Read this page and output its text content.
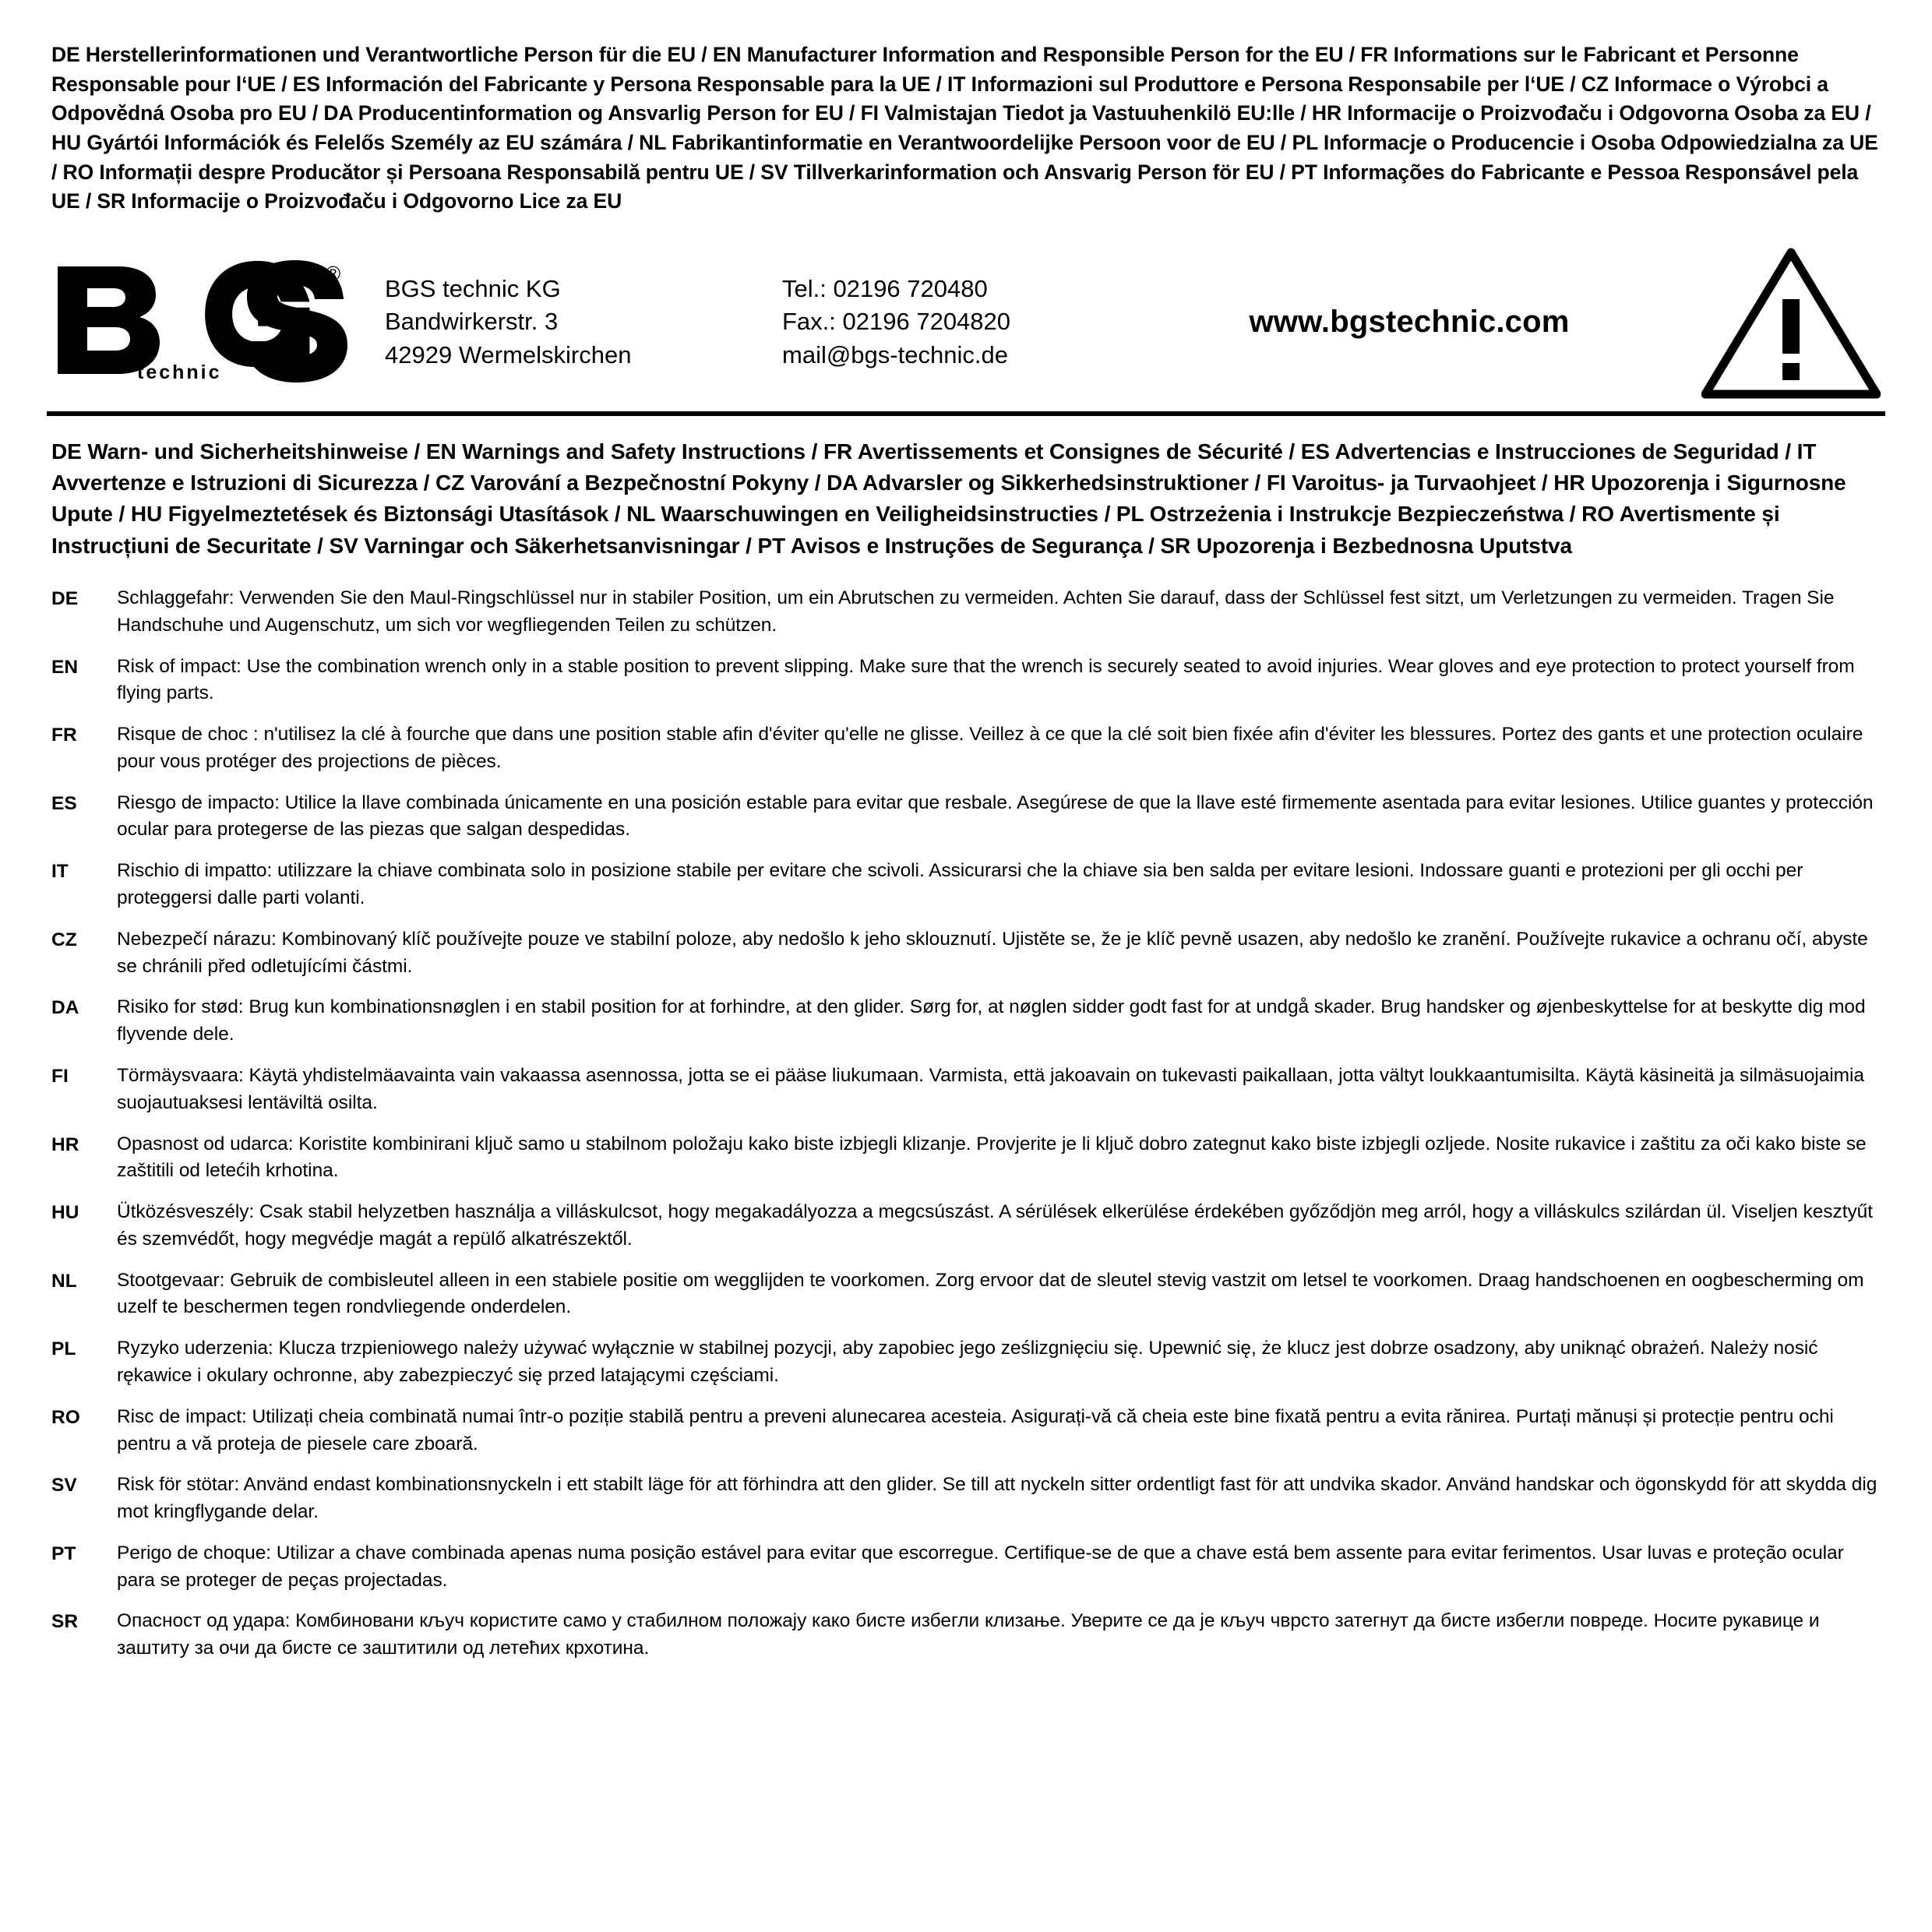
DE Herstellerinformationen und Verantwortliche Person für die EU / EN Manufacturer Information and Responsible Person for the EU / FR Informations sur le Fabricant et Personne Responsable pour l‘UE / ES Información del Fabricante y Persona Responsable para la UE / IT Informazioni sul Produttore e Persona Responsabile per l‘UE / CZ Informace o Výrobci a Odpovědná Osoba pro EU / DA Producentinformation og Ansvarlig Person for EU / FI Valmistajan Tiedot ja Vastuuhenkilö EU:lle / HR Informacije o Proizvođaču i Odgovorna Osoba za EU / HU Gyártói Információk és Felelős Személy az EU számára / NL Fabrikantinformatie en Verantwoordelijke Persoon voor de EU / PL Informacje o Producencie i Osoba Odpowiedzialna za UE / RO Informații despre Producător și Persoana Responsabilă pentru UE / SV Tillverkarinformation och Ansvarig Person för EU / PT Informações do Fabricante e Pessoa Responsável pela UE / SR Informacije o Proizvođaču i Odgovorno Lice za EU
®
technic
BGS technic KG
Bandwirkerstr. 3
42929 Wermelskirchen
Tel.: 02196 720480
Fax.: 02196 7204820
mail@bgs-technic.de
www.bgstechnic.com
DE Warn- und Sicherheitshinweise / EN Warnings and Safety Instructions / FR Avertissements et Consignes de Sécurité / ES Advertencias e Instrucciones de Seguridad / IT Avvertenze e Istruzioni di Sicurezza / CZ Varování a Bezpečnostní Pokyny / DA Advarsler og Sikkerhedsinstruktioner / FI Varoitus- ja Turvaohjeet / HR Upozorenja i Sigurnosne Upute / HU Figyelmeztetések és Biztonsági Utasítások / NL Waarschuwingen en Veiligheidsinstructies / PL Ostrzeżenia i Instrukcje Bezpieczeństwa / RO Avertismente și Instrucțiuni de Securitate / SV Varningar och Säkerhetsanvisningar / PT Avisos e Instruções de Segurança / SR Upozorenja i Bezbednosna Uputstva
DE	Schlaggefahr: Verwenden Sie den Maul-Ringschlüssel nur in stabiler Position, um ein Abrutschen zu vermeiden. Achten Sie darauf, dass der Schlüssel fest sitzt, um Verletzungen zu vermeiden. Tragen Sie Handschuhe und Augenschutz, um sich vor wegfliegenden Teilen zu schützen.
EN	Risk of impact: Use the combination wrench only in a stable position to prevent slipping. Make sure that the wrench is securely seated to avoid injuries. Wear gloves and eye protection to protect yourself from flying parts.
FR	Risque de choc : n'utilisez la clé à fourche que dans une position stable afin d'éviter qu'elle ne glisse. Veillez à ce que la clé soit bien fixée afin d'éviter les blessures. Portez des gants et une protection oculaire pour vous protéger des projections de pièces.
ES	Riesgo de impacto: Utilice la llave combinada únicamente en una posición estable para evitar que resbale. Asegúrese de que la llave esté firmemente asentada para evitar lesiones. Utilice guantes y protección ocular para protegerse de las piezas que salgan despedidas.
IT	Rischio di impatto: utilizzare la chiave combinata solo in posizione stabile per evitare che scivoli. Assicurarsi che la chiave sia ben salda per evitare lesioni. Indossare guanti e protezioni per gli occhi per proteggersi dalle parti volanti.
CZ	Nebezpečí nárazu: Kombinovaný klíč používejte pouze ve stabilní poloze, aby nedošlo k jeho sklouznutí. Ujistěte se, že je klíč pevně usazen, aby nedošlo ke zranění. Používejte rukavice a ochranu očí, abyste se chránili před odletujícími částmi.
DA	Risiko for stød: Brug kun kombinationsnøglen i en stabil position for at forhindre, at den glider. Sørg for, at nøglen sidder godt fast for at undgå skader. Brug handsker og øjenbeskyttelse for at beskytte dig mod flyvende dele.
FI	Törmäysvaara: Käytä yhdistelmäavainta vain vakaassa asennossa, jotta se ei pääse liukumaan. Varmista, että jakoavain on tukevasti paikallaan, jotta vältyt loukkaantumisilta. Käytä käsineitä ja silmäsuojaimia suojautuaksesi lentäviltä osilta.
HR	Opasnost od udarca: Koristite kombinirani ključ samo u stabilnom položaju kako biste izbjegli klizanje. Provjerite je li ključ dobro zategnut kako biste izbjegli ozljede. Nosite rukavice i zaštitu za oči kako biste se zaštitili od letećih krhotina.
HU	Ütközésveszély: Csak stabil helyzetben használja a villáskulcsot, hogy megakadályozza a megcsúszást. A sérülések elkerülése érdekében győződjön meg arról, hogy a villáskulcs szilárdan ül. Viseljen kesztyűt és szemvédőt, hogy megvédje magát a repülő alkatrészektől.
NL	Stootgevaar: Gebruik de combisleutel alleen in een stabiele positie om wegglijden te voorkomen. Zorg ervoor dat de sleutel stevig vastzit om letsel te voorkomen. Draag handschoenen en oogbescherming om uzelf te beschermen tegen rondvliegende onderdelen.
PL	Ryzyko uderzenia: Klucza trzpieniowego należy używać wyłącznie w stabilnej pozycji, aby zapobiec jego ześlizgnięciu się. Upewnić się, że klucz jest dobrze osadzony, aby uniknąć obrażeń. Należy nosić rękawice i okulary ochronne, aby zabezpieczyć się przed latającymi częściami.
RO	Risc de impact: Utilizați cheia combinată numai într-o poziție stabilă pentru a preveni alunecarea acesteia. Asigurați-vă că cheia este bine fixată pentru a evita rănirea. Purtați mănuși și protecție pentru ochi pentru a vă proteja de piesele care zboară.
SV	Risk för stötar: Använd endast kombinationsnyckeln i ett stabilt läge för att förhindra att den glider. Se till att nyckeln sitter ordentligt fast för att undvika skador. Använd handskar och ögonskydd för att skydda dig mot kringflygande delar.
PT	Perigo de choque: Utilizar a chave combinada apenas numa posição estável para evitar que escorregue. Certifique-se de que a chave está bem assente para evitar ferimentos. Usar luvas e proteção ocular para se proteger de peças projectadas.
SR	Опасност од удара: Комбиновани кључ користите само у стабилном положају како бисте избегли клизање. Уверите се да је кључ чврсто затегнут да бисте избегли повреде. Носите рукавице и заштиту за очи да бисте се заштитили од летећих крхотина.
